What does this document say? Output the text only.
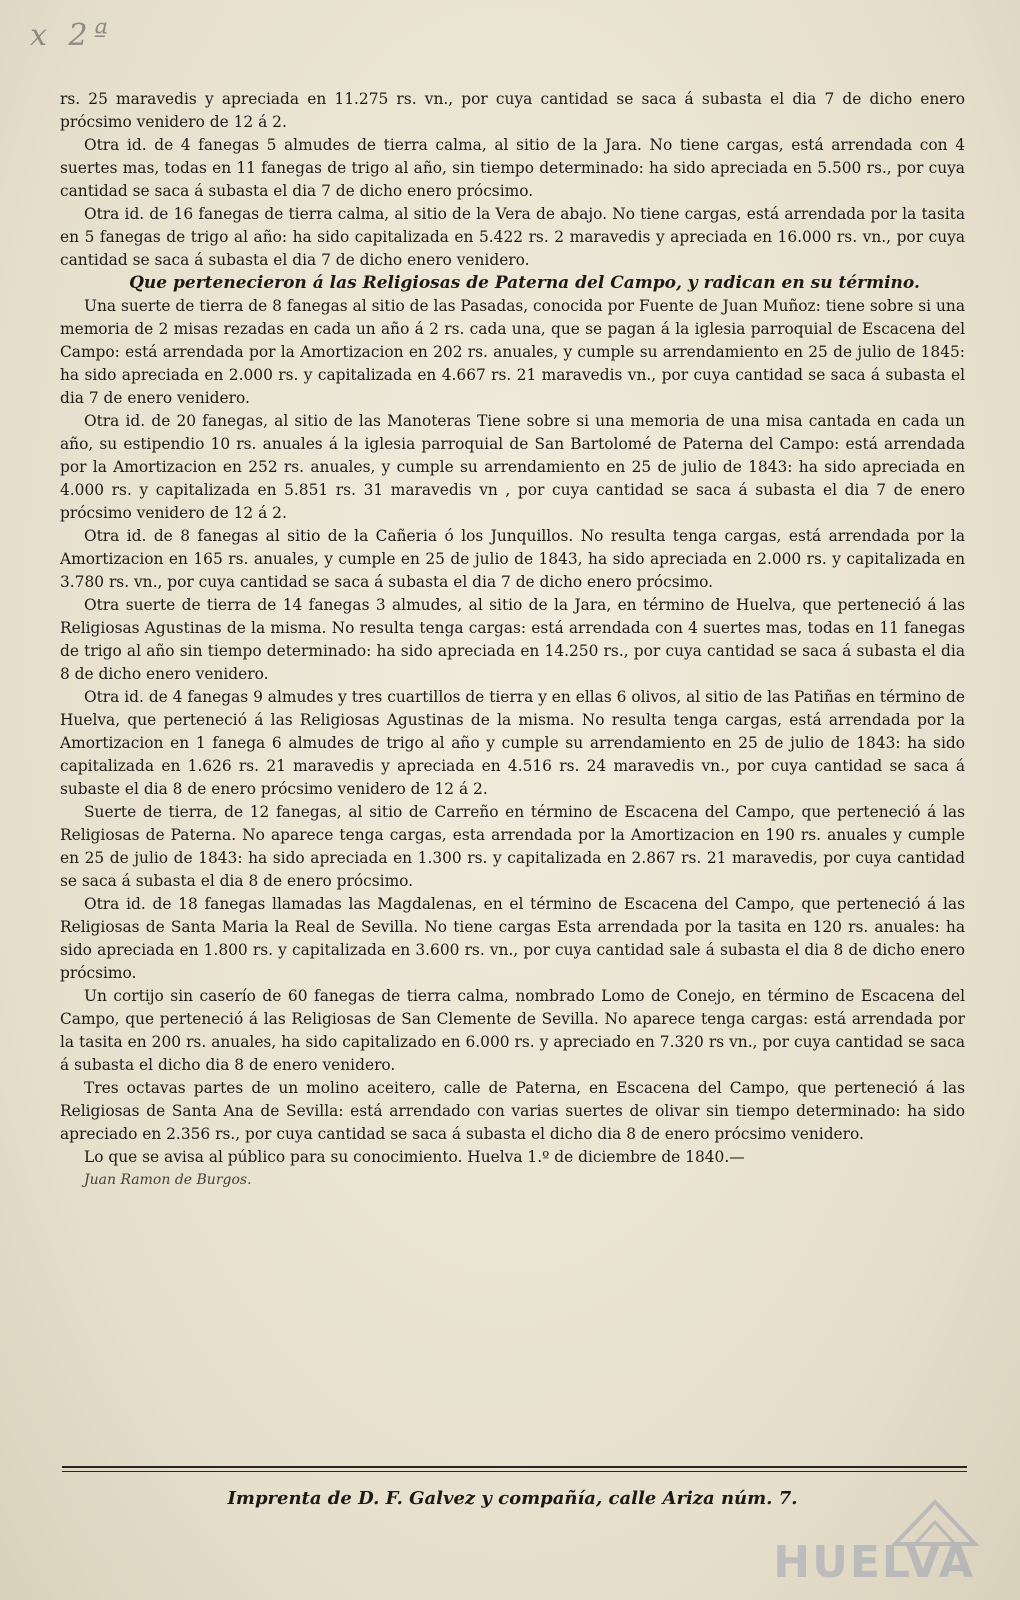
x 2ª

rs. 25 maravedis y apreciada en 11.275 rs. vn., por cuya cantidad se saca á subasta el dia 7 de dicho enero prócsimo venidero de 12 á 2.

Otra id. de 4 fanegas 5 almudes de tierra calma, al sitio de la Jara. No tiene cargas, está arrendada con 4 suertes mas, todas en 11 fanegas de trigo al año, sin tiempo determinado: ha sido apreciada en 5.500 rs., por cuya cantidad se saca á subasta el dia 7 de dicho enero prócsimo.

Otra id. de 16 fanegas de tierra calma, al sitio de la Vera de abajo. No tiene cargas, está arrendada por la tasita en 5 fanegas de trigo al año: ha sido capitalizada en 5.422 rs. 2 maravedis y apreciada en 16.000 rs. vn., por cuya cantidad se saca á subasta el dia 7 de dicho enero venidero.

Que pertenecieron á las Religiosas de Paterna del Campo, y radican en su término.

Una suerte de tierra de 8 fanegas al sitio de las Pasadas, conocida por Fuente de Juan Muñoz: tiene sobre si una memoria de 2 misas rezadas en cada un año á 2 rs. cada una, que se pagan á la iglesia parroquial de Escacena del Campo: está arrendada por la Amortizacion en 202 rs. anuales, y cumple su arrendamiento en 25 de julio de 1845: ha sido apreciada en 2.000 rs. y capitalizada en 4.667 rs. 21 maravedis vn., por cuya cantidad se saca á subasta el dia 7 de enero venidero.

Otra id. de 20 fanegas, al sitio de las Manoteras Tiene sobre si una memoria de una misa cantada en cada un año, su estipendio 10 rs. anuales á la iglesia parroquial de San Bartolomé de Paterna del Campo: está arrendada por la Amortizacion en 252 rs. anuales, y cumple su arrendamiento en 25 de julio de 1843: ha sido apreciada en 4.000 rs. y capitalizada en 5.851 rs. 31 maravedis vn , por cuya cantidad se saca á subasta el dia 7 de enero prócsimo venidero de 12 á 2.

Otra id. de 8 fanegas al sitio de la Cañeria ó los Junquillos. No resulta tenga cargas, está arrendada por la Amortizacion en 165 rs. anuales, y cumple en 25 de julio de 1843, ha sido apreciada en 2.000 rs. y capitalizada en 3.780 rs. vn., por cuya cantidad se saca á subasta el dia 7 de dicho enero prócsimo.

Otra suerte de tierra de 14 fanegas 3 almudes, al sitio de la Jara, en término de Huelva, que perteneció á las Religiosas Agustinas de la misma. No resulta tenga cargas: está arrendada con 4 suertes mas, todas en 11 fanegas de trigo al año sin tiempo determinado: ha sido apreciada en 14.250 rs., por cuya cantidad se saca á subasta el dia 8 de dicho enero venidero.

Otra id. de 4 fanegas 9 almudes y tres cuartillos de tierra y en ellas 6 olivos, al sitio de las Patiñas en término de Huelva, que perteneció á las Religiosas Agustinas de la misma. No resulta tenga cargas, está arrendada por la Amortizacion en 1 fanega 6 almudes de trigo al año y cumple su arrendamiento en 25 de julio de 1843: ha sido capitalizada en 1.626 rs. 21 maravedis y apreciada en 4.516 rs. 24 maravedis vn., por cuya cantidad se saca á subaste el dia 8 de enero prócsimo venidero de 12 á 2.

Suerte de tierra, de 12 fanegas, al sitio de Carreño en término de Escacena del Campo, que perteneció á las Religiosas de Paterna. No aparece tenga cargas, esta arrendada por la Amortizacion en 190 rs. anuales y cumple en 25 de julio de 1843: ha sido apreciada en 1.300 rs. y capitalizada en 2.867 rs. 21 maravedis, por cuya cantidad se saca á subasta el dia 8 de enero prócsimo.

Otra id. de 18 fanegas llamadas las Magdalenas, en el término de Escacena del Campo, que perteneció á las Religiosas de Santa Maria la Real de Sevilla. No tiene cargas Esta arrendada por la tasita en 120 rs. anuales: ha sido apreciada en 1.800 rs. y capitalizada en 3.600 rs. vn., por cuya cantidad sale á subasta el dia 8 de dicho enero prócsimo.

Un cortijo sin caserío de 60 fanegas de tierra calma, nombrado Lomo de Conejo, en término de Escacena del Campo, que perteneció á las Religiosas de San Clemente de Sevilla. No aparece tenga cargas: está arrendada por la tasita en 200 rs. anuales, ha sido capitalizado en 6.000 rs. y apreciado en 7.320 rs vn., por cuya cantidad se saca á subasta el dicho dia 8 de enero venidero.

Tres octavas partes de un molino aceitero, calle de Paterna, en Escacena del Campo, que perteneció á las Religiosas de Santa Ana de Sevilla: está arrendado con varias suertes de olivar sin tiempo determinado: ha sido apreciado en 2.356 rs., por cuya cantidad se saca á subasta el dicho dia 8 de enero prócsimo venidero.

Lo que se avisa al público para su conocimiento. Huelva 1.º de diciembre de 1840.—

Juan Ramon de Burgos.

Imprenta de D. F. Galvez y compañía, calle Ariza núm. 7.
HUELVA
